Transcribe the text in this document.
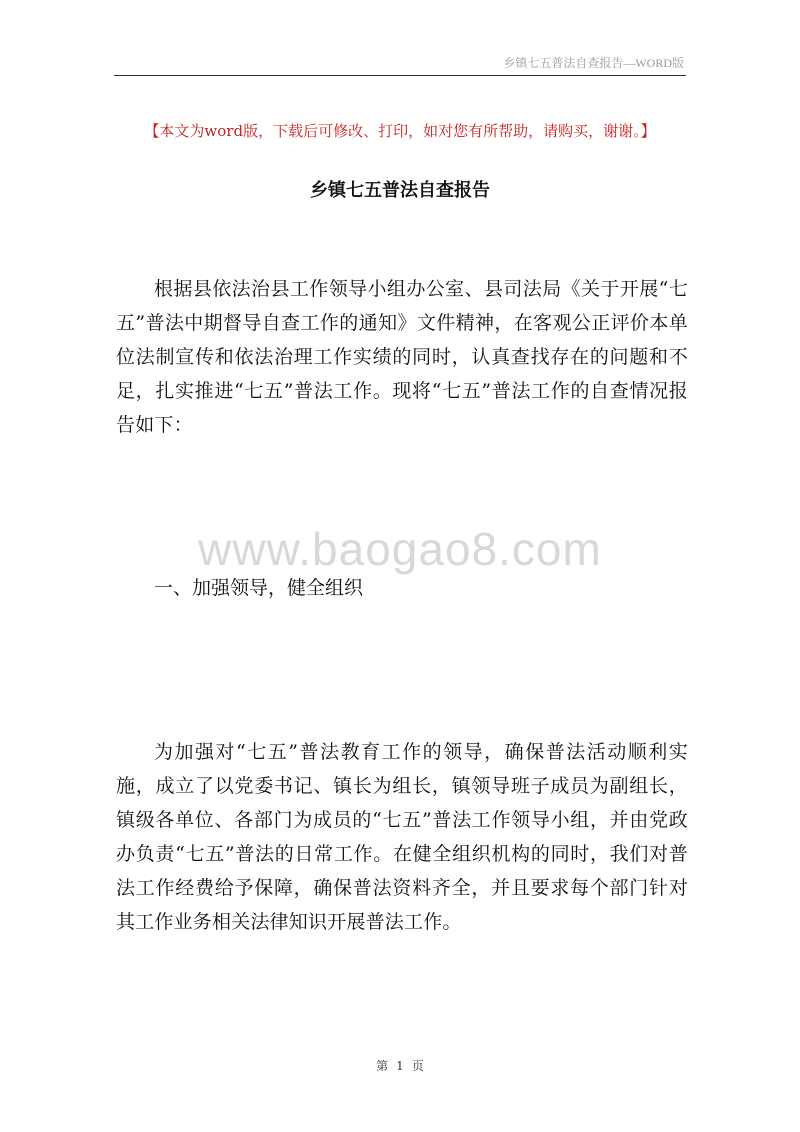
乡镇七五普法自查报告—WORD版
【本文为word版，下载后可修改、打印，如对您有所帮助，请购买，谢谢。】
乡镇七五普法自查报告

根据县依法治县工作领导小组办公室、县司法局《关于开展“七五”普法中期督导自查工作的通知》文件精神，在客观公正评价本单位法制宣传和依法治理工作实绩的同时，认真查找存在的问题和不足，扎实推进“七五”普法工作。现将“七五”普法工作的自查情况报告如下：

www.baogao8.com

一、加强领导，健全组织

为加强对“七五”普法教育工作的领导，确保普法活动顺利实施，成立了以党委书记、镇长为组长，镇领导班子成员为副组长，镇级各单位、各部门为成员的“七五”普法工作领导小组，并由党政办负责“七五”普法的日常工作。在健全组织机构的同时，我们对普法工作经费给予保障，确保普法资料齐全，并且要求每个部门针对其工作业务相关法律知识开展普法工作。

第 1 页
